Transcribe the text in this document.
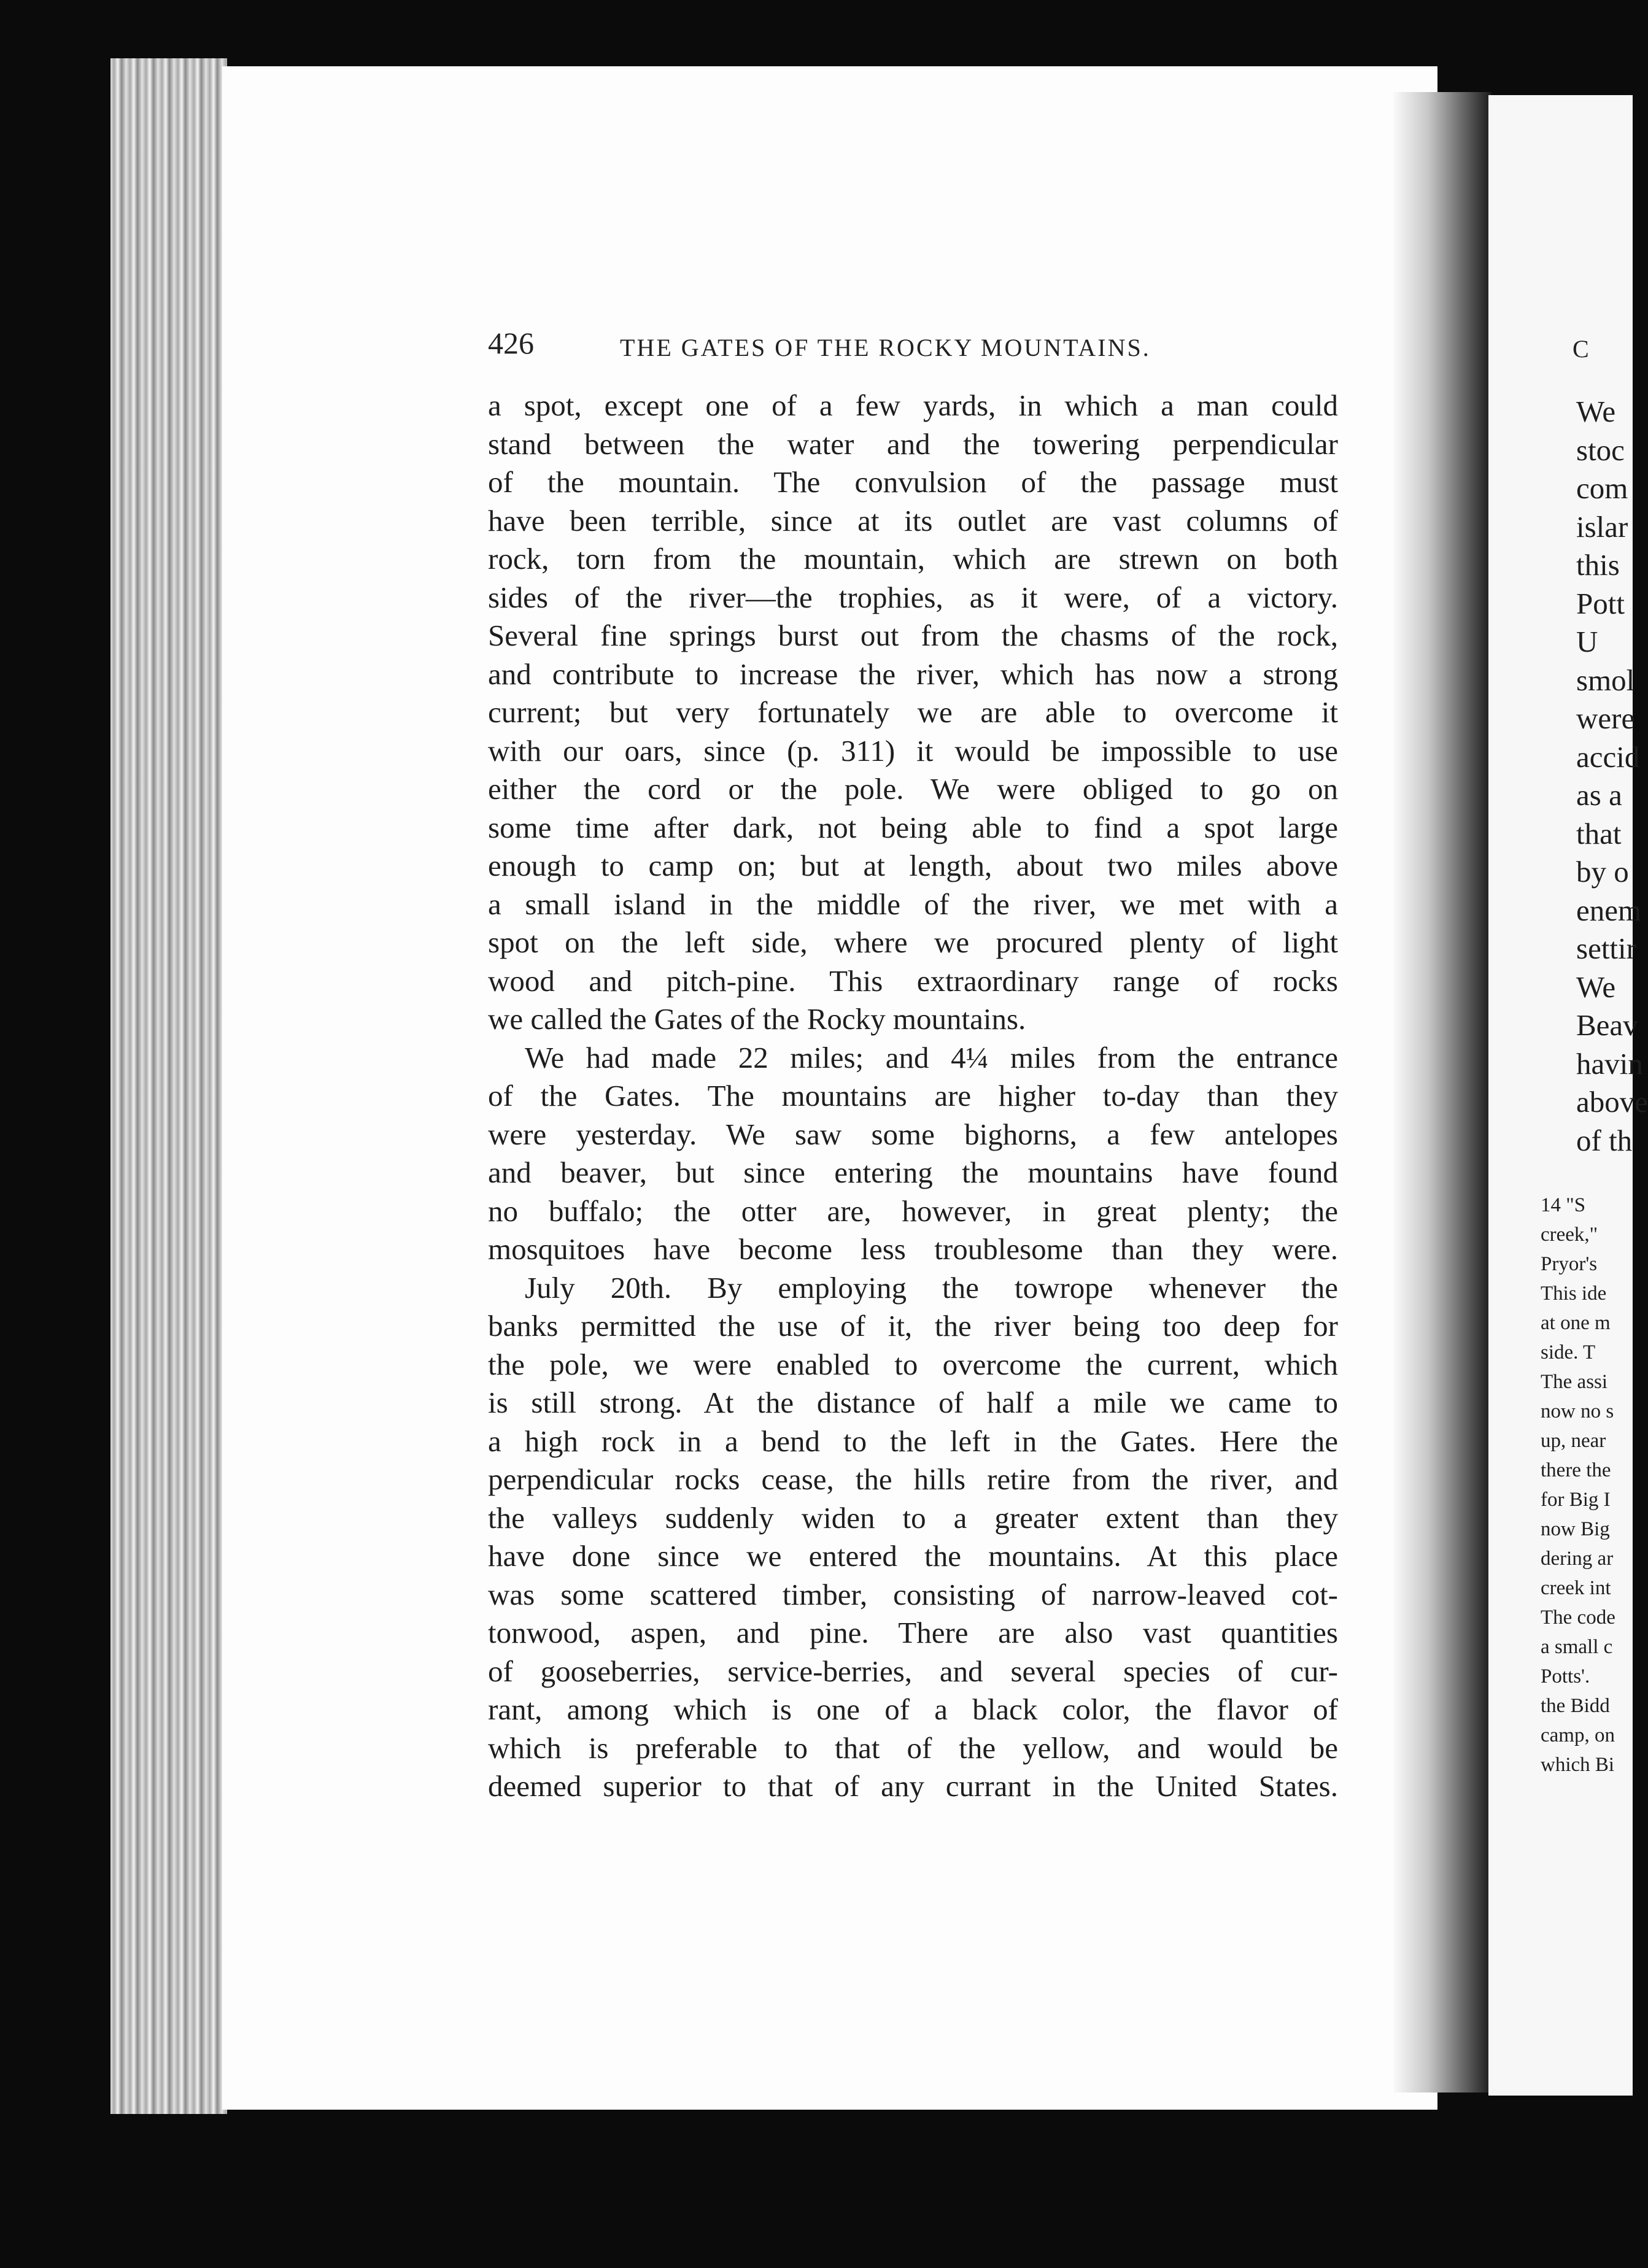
426	THE GATES OF THE ROCKY MOUNTAINS.
a spot, except one of a few yards, in which a man could
stand between the water and the towering perpendicular
of the mountain. The convulsion of the passage must
have been terrible, since at its outlet are vast columns of
rock, torn from the mountain, which are strewn on both
sides of the river—the trophies, as it were, of a victory.
Several fine springs burst out from the chasms of the rock,
and contribute to increase the river, which has now a strong
current; but very fortunately we are able to overcome it
with our oars, since (p. 311) it would be impossible to use
either the cord or the pole. We were obliged to go on
some time after dark, not being able to find a spot large
enough to camp on; but at length, about two miles above
a small island in the middle of the river, we met with a
spot on the left side, where we procured plenty of light
wood and pitch-pine. This extraordinary range of rocks
we called the Gates of the Rocky mountains.
We had made 22 miles; and 4¼ miles from the entrance
of the Gates. The mountains are higher to-day than they
were yesterday. We saw some bighorns, a few antelopes
and beaver, but since entering the mountains have found
no buffalo; the otter are, however, in great plenty; the
mosquitoes have become less troublesome than they were.
July 20th. By employing the towrope whenever the
banks permitted the use of it, the river being too deep for
the pole, we were enabled to overcome the current, which
is still strong. At the distance of half a mile we came to
a high rock in a bend to the left in the Gates. Here the
perpendicular rocks cease, the hills retire from the river, and
the valleys suddenly widen to a greater extent than they
have done since we entered the mountains. At this place
was some scattered timber, consisting of narrow-leaved cot-
tonwood, aspen, and pine. There are also vast quantities
of gooseberries, service-berries, and several species of cur-
rant, among which is one of a black color, the flavor of
which is preferable to that of the yellow, and would be
deemed superior to that of any currant in the United States.
C
We
stoc
com
islar
this
Pott
U
smol
were
accid
as a
that
by o
enem
settir
We
Beav
havin
above
of th
14 "S
creek,"
Pryor's
This ide
at one m
side. T
The assi
now no s
up, near
there the
for Big I
now Big
dering ar
creek int
The code
a small c
Potts'.
the Bidd
camp, on
which Bi
